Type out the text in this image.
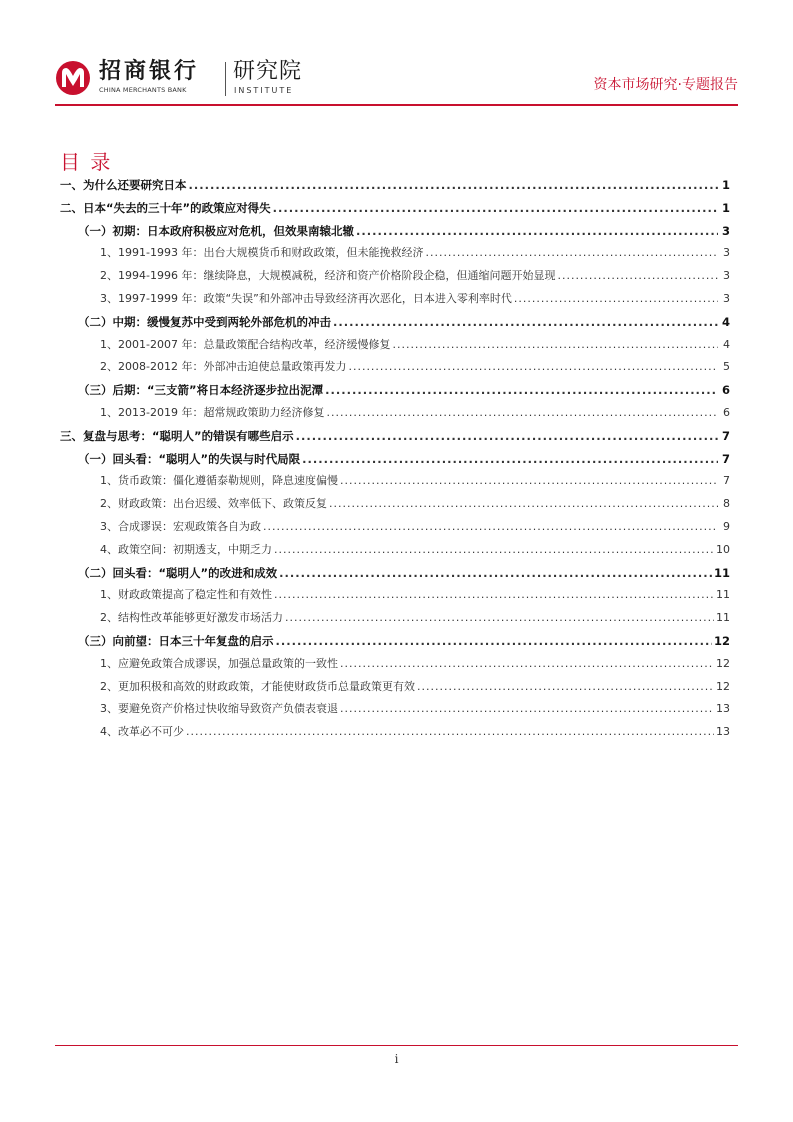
招商银行
CHINA MERCHANTS BANK
研究院
INSTITUTE	资本市场研究·专题报告
目 录
一、为什么还要研究日本 .....	1
二、日本“失去的三十年”的政策应对得失 .....	1
（一）初期：日本政府积极应对危机，但效果南辕北辙 .....	3
1、1991-1993 年：出台大规模货币和财政政策，但未能挽救经济 .....	3
2、1994-1996 年：继续降息，大规模减税，经济和资产价格阶段企稳，但通缩问题开始显现 .....	3
3、1997-1999 年：政策“失误”和外部冲击导致经济再次恶化，日本进入零利率时代 .....	3
（二）中期：缓慢复苏中受到两轮外部危机的冲击 .....	4
1、2001-2007 年：总量政策配合结构改革，经济缓慢修复 .....	4
2、2008-2012 年：外部冲击迫使总量政策再发力 .....	5
（三）后期：“三支箭”将日本经济逐步拉出泥潭 .....	6
1、2013-2019 年：超常规政策助力经济修复 .....	6
三、复盘与思考：“聪明人”的错误有哪些启示 .....	7
（一）回头看：“聪明人”的失误与时代局限 .....	7
1、货币政策：僵化遵循泰勒规则，降息速度偏慢 .....	7
2、财政政策：出台迟缓、效率低下、政策反复 .....	8
3、合成谬误：宏观政策各自为政 .....	9
4、政策空间：初期透支，中期乏力 .....	10
（二）回头看：“聪明人”的改进和成效 .....	11
1、财政政策提高了稳定性和有效性 .....	11
2、结构性改革能够更好激发市场活力 .....	11
（三）向前望：日本三十年复盘的启示 .....	12
1、应避免政策合成谬误，加强总量政策的一致性 .....	12
2、更加积极和高效的财政政策，才能使财政货币总量政策更有效 .....	12
3、要避免资产价格过快收缩导致资产负债表衰退 .....	13
4、改革必不可少 .....	13
i
